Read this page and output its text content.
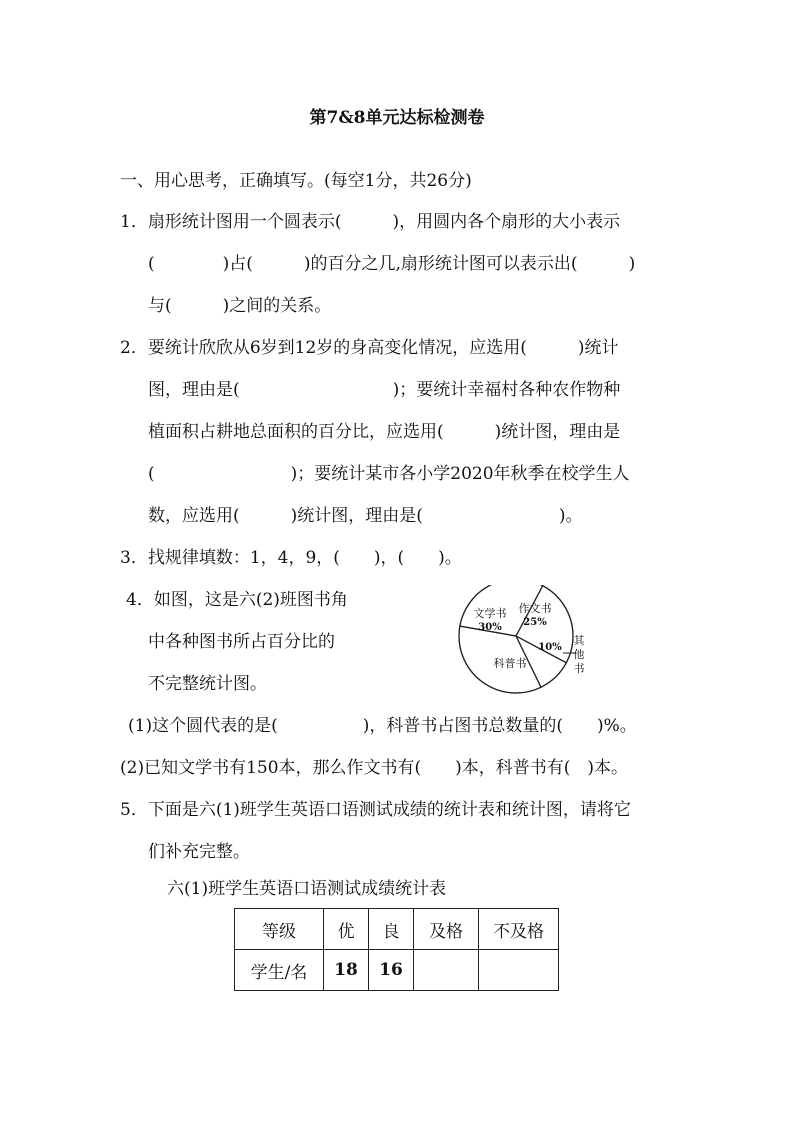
第7&8单元达标检测卷
一、用心思考，正确填写。(每空1分，共26分)
1．扇形统计图用一个圆表示(　　　)，用圆内各个扇形的大小表示
(　　　　)占(　　　)的百分之几,扇形统计图可以表示出(　　　)
与(　　　)之间的关系。
2．要统计欣欣从6岁到12岁的身高变化情况，应选用(　　　)统计
图，理由是(　　　　　　　　　)；要统计幸福村各种农作物种
植面积占耕地总面积的百分比，应选用(　　　)统计图，理由是
(　　　　　　　　)；要统计某市各小学2020年秋季在校学生人
数，应选用(　　　)统计图，理由是(　　　　　　　　)。
3．找规律填数：1，4，9，(　　)，(　　)。
4．如图，这是六(2)班图书角
中各种图书所占百分比的
不完整统计图。
文学书
30%
作文书
25%
10%
其
他
书
科普书
(1)这个圆代表的是(　　　　　)，科普书占图书总数量的(　　)%。
(2)已知文学书有150本，那么作文书有(　　)本，科普书有(　)本。
5．下面是六(1)班学生英语口语测试成绩的统计表和统计图，请将它
们补充完整。
六(1)班学生英语口语测试成绩统计表
等级	优	良	及格	不及格
学生/名	18	16		
